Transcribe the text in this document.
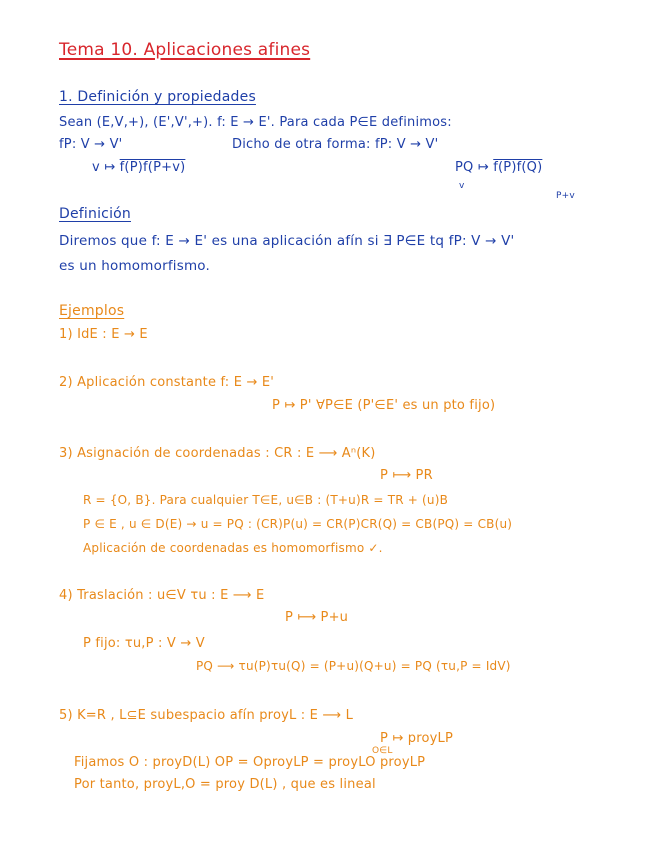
Tema 10. Aplicaciones afines
1. Definición y propiedades
Sean (E,V,+), (E',V',+). f: E → E'. Para cada P∈E definimos:
fP: V → V'	Dicho de otra forma: fP: V → V'
v ↦ f(P)f(P+v)	PQ ↦ f(P)f(Q)
v
P+v
Definición
Diremos que f: E → E' es una aplicación afín si ∃ P∈E tq fP: V → V'
es un homomorfismo.
Ejemplos
1) IdE : E → E
2) Aplicación constante f: E → E'
P ↦ P' ∀P∈E (P'∈E' es un pto fijo)
3) Asignación de coordenadas : CR : E ⟶ Aⁿ(K)
P ⟼ PR
R = {O, B}. Para cualquier T∈E, u∈B : (T+u)R = TR + (u)B
P ∈ E , u ∈ D(E) → u = PQ : (CR)P(u) = CR(P)CR(Q) = CB(PQ) = CB(u)
Aplicación de coordenadas es homomorfismo ✓.
4) Traslación : u∈V τu : E ⟶ E
P ⟼ P+u
P fijo: τu,P : V → V
PQ ⟶ τu(P)τu(Q) = (P+u)(Q+u) = PQ (τu,P = IdV)
5) K=R , L⊆E subespacio afín proyL : E ⟶ L
P ↦ proyLP
O∈L
Fijamos O : proyD(L) OP = OproyLP = proyLO proyLP
Por tanto, proyL,O = proy D(L) , que es lineal
